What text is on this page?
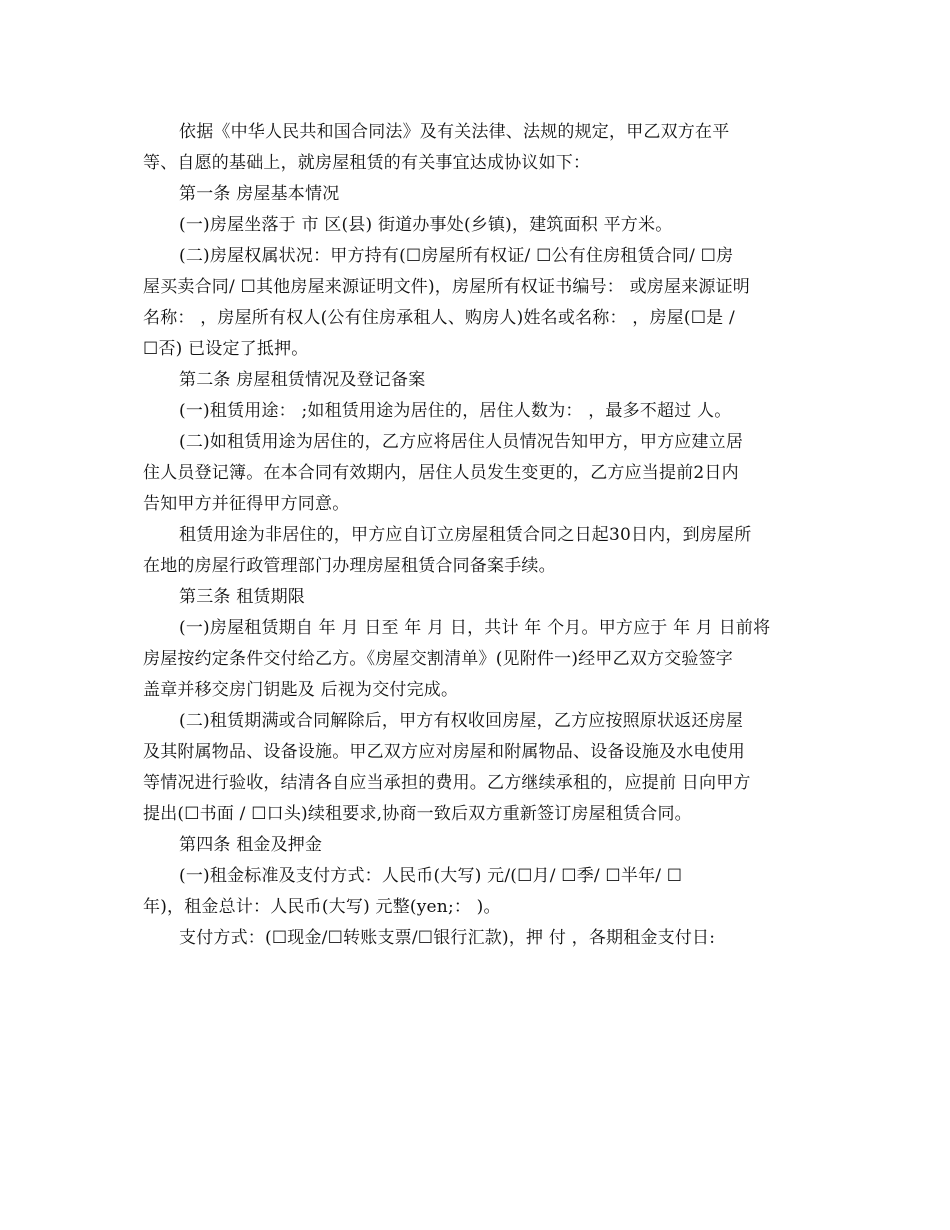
依据《中华人民共和国合同法》及有关法律、法规的规定，甲乙双方在平
等、自愿的基础上，就房屋租赁的有关事宜达成协议如下：
第一条 房屋基本情况
(一)房屋坐落于 市 区(县) 街道办事处(乡镇)，建筑面积 平方米。
(二)房屋权属状况：甲方持有(☐房屋所有权证/ ☐公有住房租赁合同/ ☐房
屋买卖合同/ ☐其他房屋来源证明文件)，房屋所有权证书编号： 或房屋来源证明
名称： ，房屋所有权人(公有住房承租人、购房人)姓名或名称： ，房屋(☐是 /
☐否) 已设定了抵押。
第二条 房屋租赁情况及登记备案
(一)租赁用途： ;如租赁用途为居住的，居住人数为： ，最多不超过 人。
(二)如租赁用途为居住的，乙方应将居住人员情况告知甲方，甲方应建立居
住人员登记簿。在本合同有效期内，居住人员发生变更的，乙方应当提前2日内
告知甲方并征得甲方同意。
租赁用途为非居住的，甲方应自订立房屋租赁合同之日起30日内，到房屋所
在地的房屋行政管理部门办理房屋租赁合同备案手续。
第三条 租赁期限
(一)房屋租赁期自 年 月 日至 年 月 日，共计 年 个月。甲方应于 年 月 日前将
房屋按约定条件交付给乙方。《房屋交割清单》(见附件一)经甲乙双方交验签字
盖章并移交房门钥匙及 后视为交付完成。
(二)租赁期满或合同解除后，甲方有权收回房屋，乙方应按照原状返还房屋
及其附属物品、设备设施。甲乙双方应对房屋和附属物品、设备设施及水电使用
等情况进行验收，结清各自应当承担的费用。乙方继续承租的，应提前 日向甲方
提出(☐书面 / ☐口头)续租要求,协商一致后双方重新签订房屋租赁合同。
第四条 租金及押金
(一)租金标准及支付方式：人民币(大写) 元/(☐月/ ☐季/ ☐半年/ ☐
年)，租金总计：人民币(大写) 元整(yen;： )。
支付方式：(☐现金/☐转账支票/☐银行汇款)，押 付 ，各期租金支付日:
